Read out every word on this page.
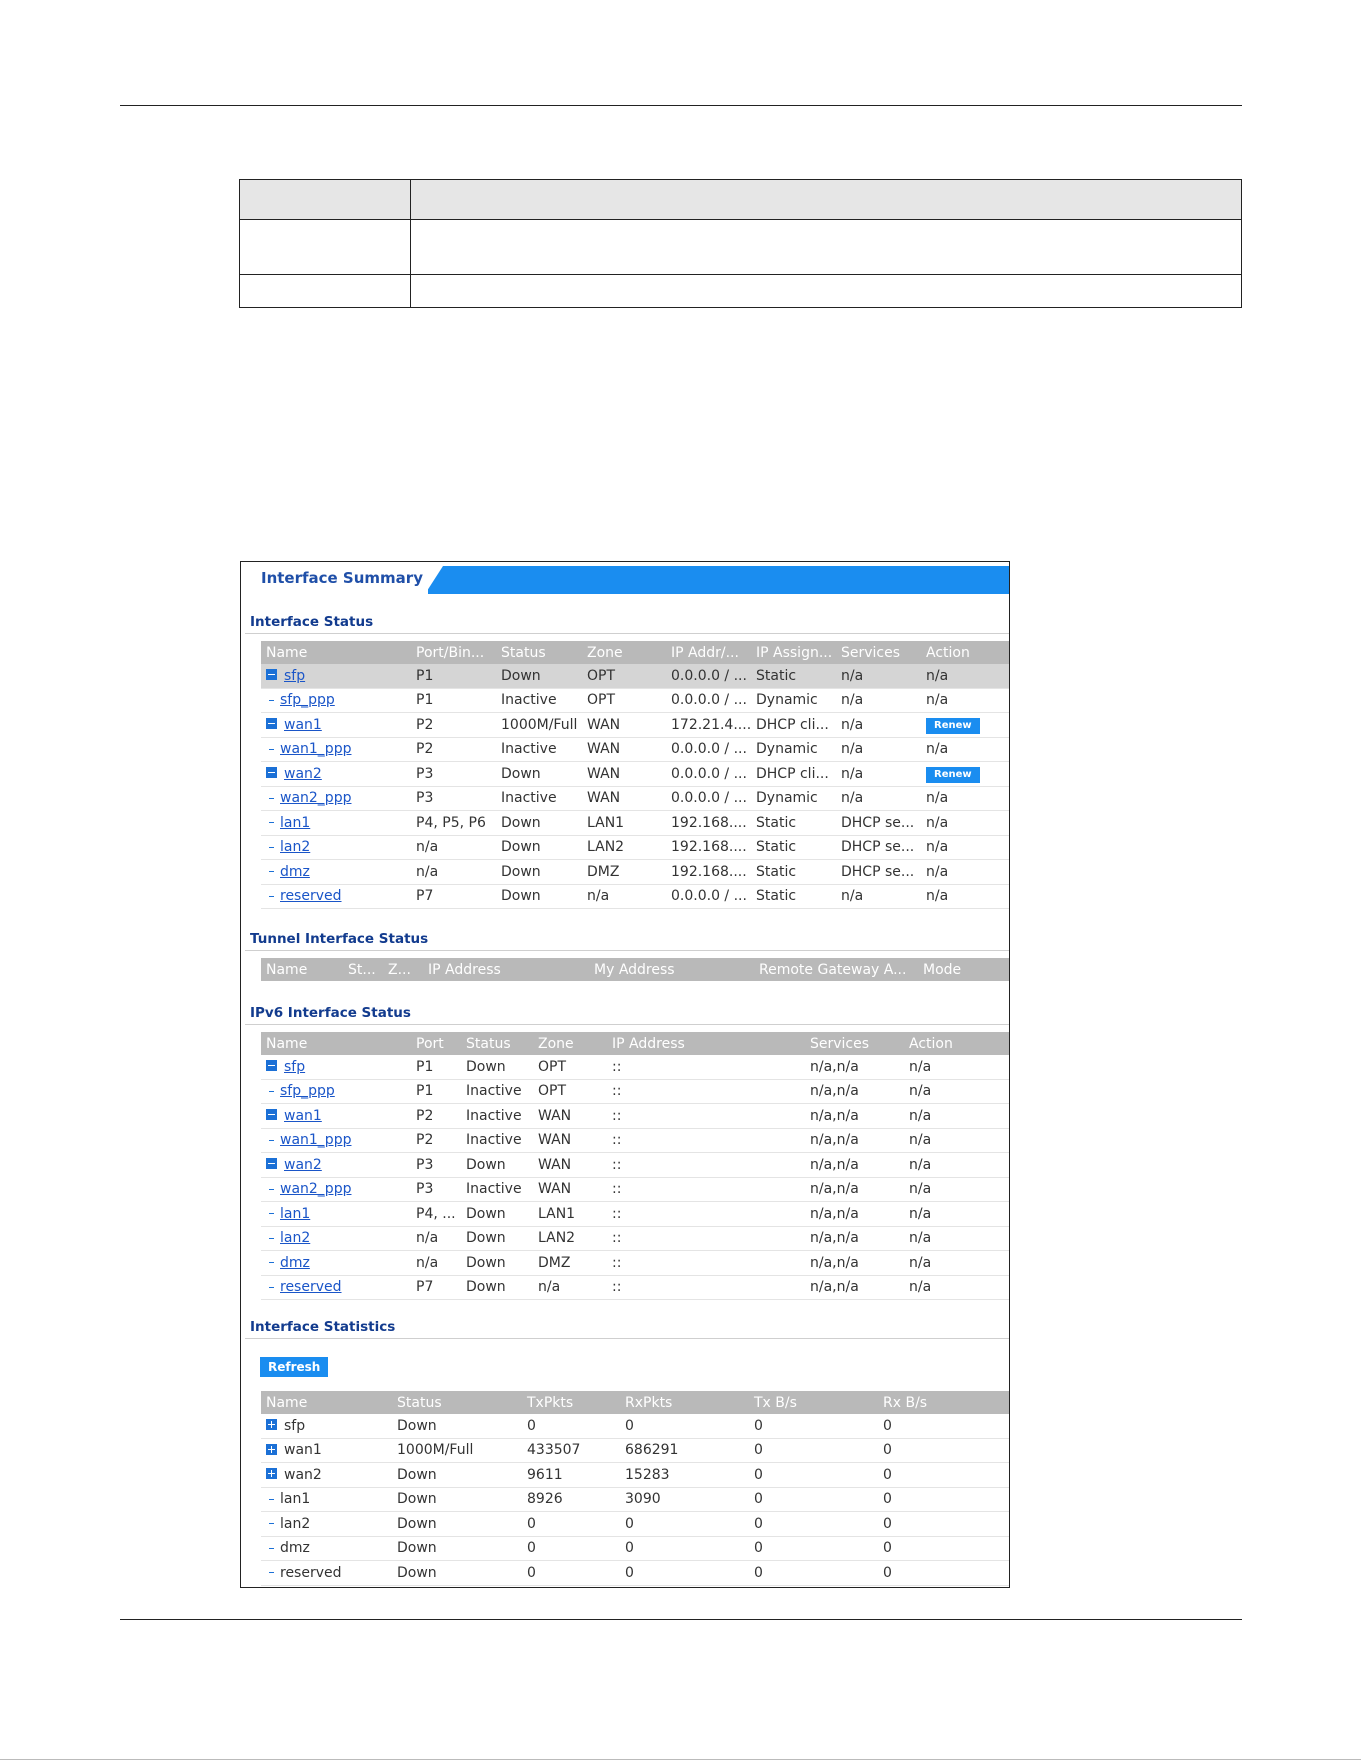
Interface Summary
Interface Status
Name	Port/Bin...	Status	Zone	IP Addr/...	IP Assign...	Services	Action
sfp	P1	Down	OPT	0.0.0.0 / ...	Static	n/a	n/a
sfp_ppp	P1	Inactive	OPT	0.0.0.0 / ...	Dynamic	n/a	n/a
wan1	P2	1000M/Full	WAN	172.21.4....	DHCP cli...	n/a	Renew
wan1_ppp	P2	Inactive	WAN	0.0.0.0 / ...	Dynamic	n/a	n/a
wan2	P3	Down	WAN	0.0.0.0 / ...	DHCP cli...	n/a	Renew
wan2_ppp	P3	Inactive	WAN	0.0.0.0 / ...	Dynamic	n/a	n/a
lan1	P4, P5, P6	Down	LAN1	192.168....	Static	DHCP se...	n/a
lan2	n/a	Down	LAN2	192.168....	Static	DHCP se...	n/a
dmz	n/a	Down	DMZ	192.168....	Static	DHCP se...	n/a
reserved	P7	Down	n/a	0.0.0.0 / ...	Static	n/a	n/a
Tunnel Interface Status
Name	St...	Z...	IP Address	My Address	Remote Gateway A...	Mode
IPv6 Interface Status
Name	Port	Status	Zone	IP Address	Services	Action
sfp	P1	Down	OPT	::	n/a,n/a	n/a
sfp_ppp	P1	Inactive	OPT	::	n/a,n/a	n/a
wan1	P2	Inactive	WAN	::	n/a,n/a	n/a
wan1_ppp	P2	Inactive	WAN	::	n/a,n/a	n/a
wan2	P3	Down	WAN	::	n/a,n/a	n/a
wan2_ppp	P3	Inactive	WAN	::	n/a,n/a	n/a
lan1	P4, ...	Down	LAN1	::	n/a,n/a	n/a
lan2	n/a	Down	LAN2	::	n/a,n/a	n/a
dmz	n/a	Down	DMZ	::	n/a,n/a	n/a
reserved	P7	Down	n/a	::	n/a,n/a	n/a
Interface Statistics
Refresh
Name	Status	TxPkts	RxPkts	Tx B/s	Rx B/s
sfp	Down	0	0	0	0
wan1	1000M/Full	433507	686291	0	0
wan2	Down	9611	15283	0	0
lan1	Down	8926	3090	0	0
lan2	Down	0	0	0	0
dmz	Down	0	0	0	0
reserved	Down	0	0	0	0
